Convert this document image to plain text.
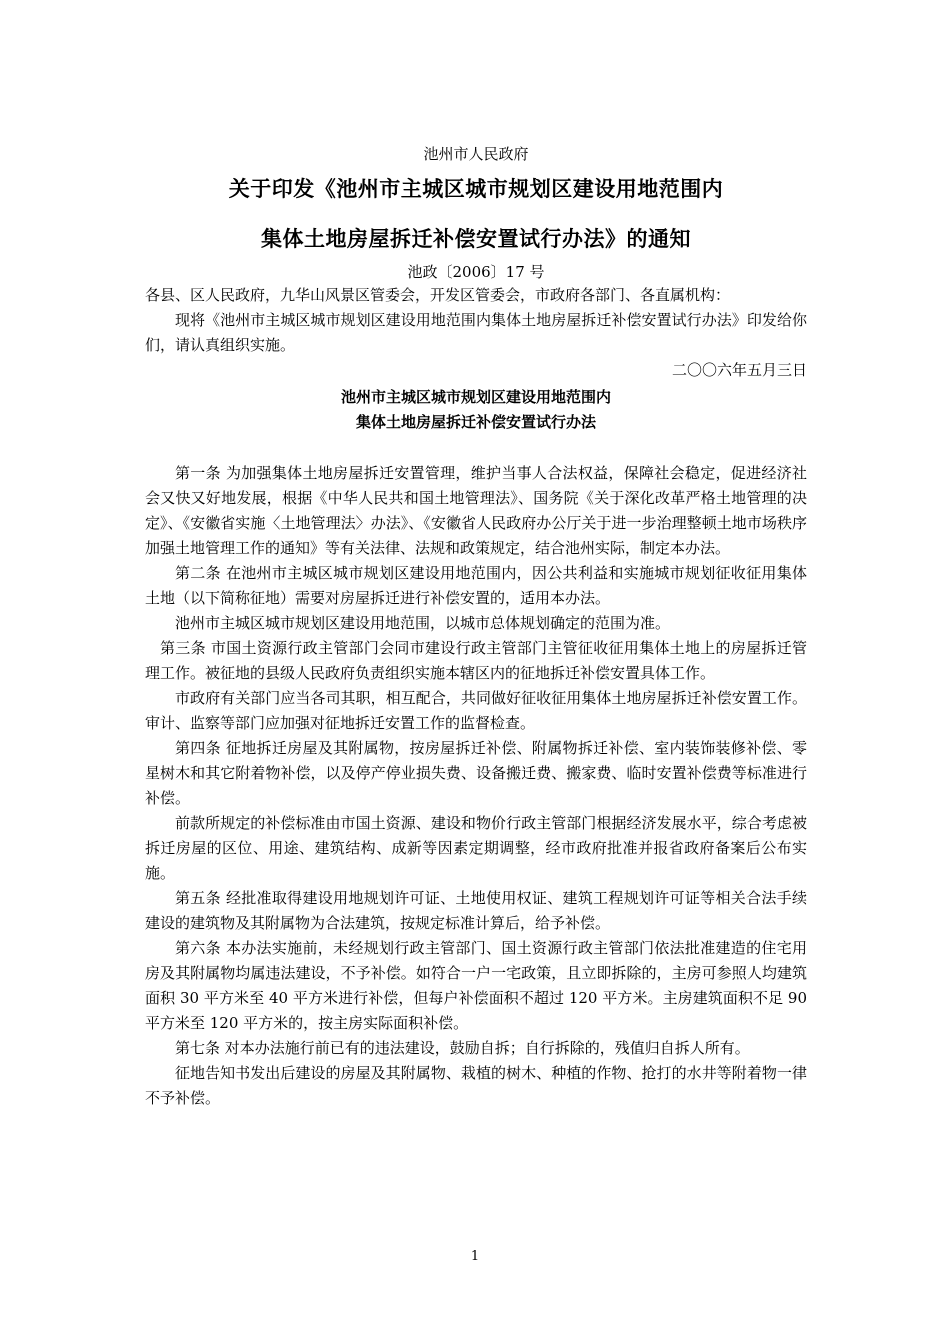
池州市人民政府
关于印发《池州市主城区城市规划区建设用地范围内
集体土地房屋拆迁补偿安置试行办法》的通知
池政〔2006〕17 号

各县、区人民政府，九华山风景区管委会，开发区管委会，市政府各部门、各直属机构：

现将《池州市主城区城市规划区建设用地范围内集体土地房屋拆迁补偿安置试行办法》印发给你们，请认真组织实施。

二〇〇六年五月三日
池州市主城区城市规划区建设用地范围内
集体土地房屋拆迁补偿安置试行办法

第一条 为加强集体土地房屋拆迁安置管理，维护当事人合法权益，保障社会稳定，促进经济社会又快又好地发展，根据《中华人民共和国土地管理法》、国务院《关于深化改革严格土地管理的决定》、《安徽省实施〈土地管理法〉办法》、《安徽省人民政府办公厅关于进一步治理整顿土地市场秩序加强土地管理工作的通知》等有关法律、法规和政策规定，结合池州实际，制定本办法。

第二条 在池州市主城区城市规划区建设用地范围内，因公共利益和实施城市规划征收征用集体土地（以下简称征地）需要对房屋拆迁进行补偿安置的，适用本办法。

池州市主城区城市规划区建设用地范围，以城市总体规划确定的范围为准。

第三条 市国土资源行政主管部门会同市建设行政主管部门主管征收征用集体土地上的房屋拆迁管理工作。被征地的县级人民政府负责组织实施本辖区内的征地拆迁补偿安置具体工作。

市政府有关部门应当各司其职，相互配合，共同做好征收征用集体土地房屋拆迁补偿安置工作。审计、监察等部门应加强对征地拆迁安置工作的监督检查。

第四条 征地拆迁房屋及其附属物，按房屋拆迁补偿、附属物拆迁补偿、室内装饰装修补偿、零星树木和其它附着物补偿，以及停产停业损失费、设备搬迁费、搬家费、临时安置补偿费等标准进行补偿。

前款所规定的补偿标准由市国土资源、建设和物价行政主管部门根据经济发展水平，综合考虑被拆迁房屋的区位、用途、建筑结构、成新等因素定期调整，经市政府批准并报省政府备案后公布实施。

第五条 经批准取得建设用地规划许可证、土地使用权证、建筑工程规划许可证等相关合法手续建设的建筑物及其附属物为合法建筑，按规定标准计算后，给予补偿。

第六条 本办法实施前，未经规划行政主管部门、国土资源行政主管部门依法批准建造的住宅用房及其附属物均属违法建设，不予补偿。如符合一户一宅政策，且立即拆除的，主房可参照人均建筑面积 30 平方米至 40 平方米进行补偿，但每户补偿面积不超过 120 平方米。主房建筑面积不足 90 平方米至 120 平方米的，按主房实际面积补偿。

第七条 对本办法施行前已有的违法建设，鼓励自拆；自行拆除的，残值归自拆人所有。

征地告知书发出后建设的房屋及其附属物、栽植的树木、种植的作物、抢打的水井等附着物一律不予补偿。

1
